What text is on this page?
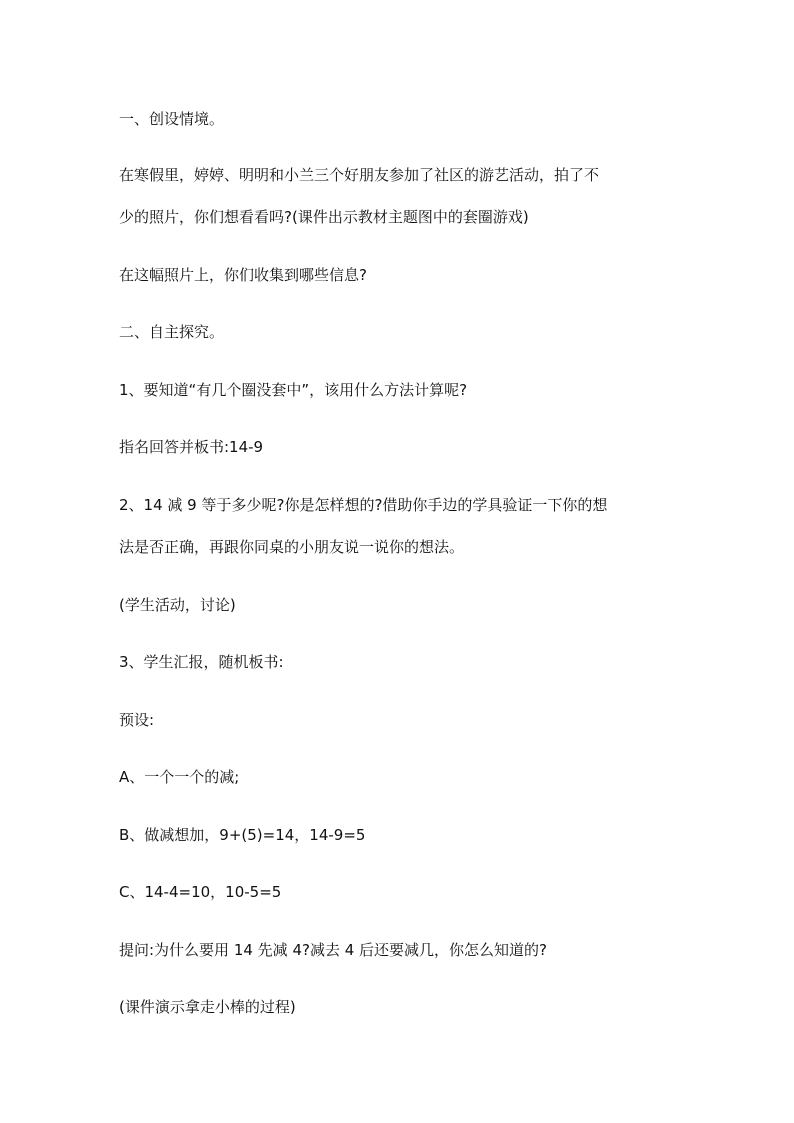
一、创设情境。
在寒假里，婷婷、明明和小兰三个好朋友参加了社区的游艺活动，拍了不
少的照片，你们想看看吗?(课件出示教材主题图中的套圈游戏)
在这幅照片上，你们收集到哪些信息?
二、自主探究。
1、要知道“有几个圈没套中”，该用什么方法计算呢?
指名回答并板书:14-9
2、14 减 9 等于多少呢?你是怎样想的?借助你手边的学具验证一下你的想
法是否正确，再跟你同桌的小朋友说一说你的想法。
(学生活动，讨论)
3、学生汇报，随机板书:
预设:
A、一个一个的减;
B、做减想加，9+(5)=14，14-9=5
C、14-4=10，10-5=5
提问:为什么要用 14 先减 4?减去 4 后还要减几，你怎么知道的?
(课件演示拿走小棒的过程)
